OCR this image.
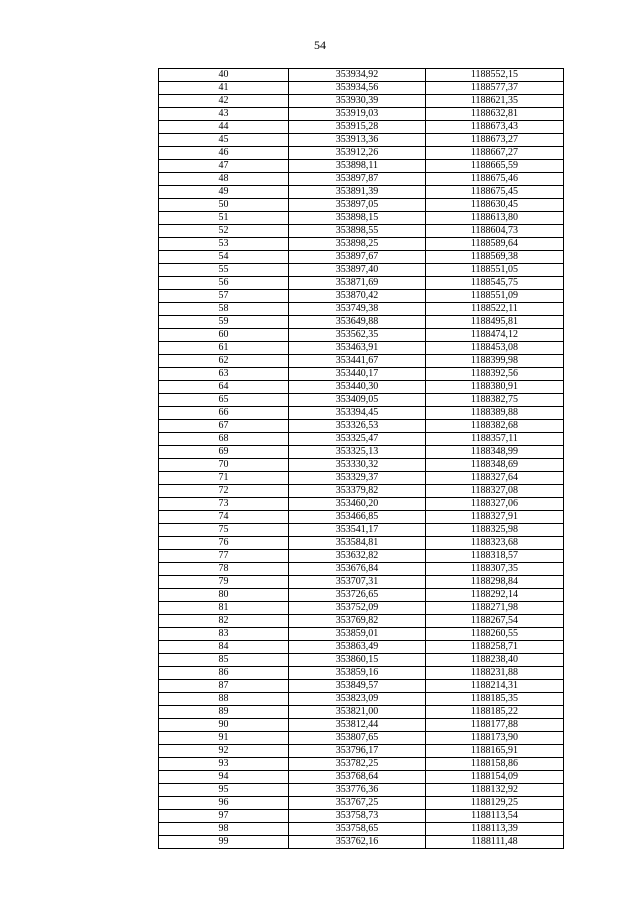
54
40	353934,92	1188552,15
41	353934,56	1188577,37
42	353930,39	1188621,35
43	353919,03	1188632,81
44	353915,28	1188673,43
45	353913,36	1188673,27
46	353912,26	1188667,27
47	353898,11	1188665,59
48	353897,87	1188675,46
49	353891,39	1188675,45
50	353897,05	1188630,45
51	353898,15	1188613,80
52	353898,55	1188604,73
53	353898,25	1188589,64
54	353897,67	1188569,38
55	353897,40	1188551,05
56	353871,69	1188545,75
57	353870,42	1188551,09
58	353749,38	1188522,11
59	353649,88	1188495,81
60	353562,35	1188474,12
61	353463,91	1188453,08
62	353441,67	1188399,98
63	353440,17	1188392,56
64	353440,30	1188380,91
65	353409,05	1188382,75
66	353394,45	1188389,88
67	353326,53	1188382,68
68	353325,47	1188357,11
69	353325,13	1188348,99
70	353330,32	1188348,69
71	353329,37	1188327,64
72	353379,82	1188327,08
73	353460,20	1188327,06
74	353466,85	1188327,91
75	353541,17	1188325,98
76	353584,81	1188323,68
77	353632,82	1188318,57
78	353676,84	1188307,35
79	353707,31	1188298,84
80	353726,65	1188292,14
81	353752,09	1188271,98
82	353769,82	1188267,54
83	353859,01	1188260,55
84	353863,49	1188258,71
85	353860,15	1188238,40
86	353859,16	1188231,88
87	353849,57	1188214,31
88	353823,09	1188185,35
89	353821,00	1188185,22
90	353812,44	1188177,88
91	353807,65	1188173,90
92	353796,17	1188165,91
93	353782,25	1188158,86
94	353768,64	1188154,09
95	353776,36	1188132,92
96	353767,25	1188129,25
97	353758,73	1188113,54
98	353758,65	1188113,39
99	353762,16	1188111,48
